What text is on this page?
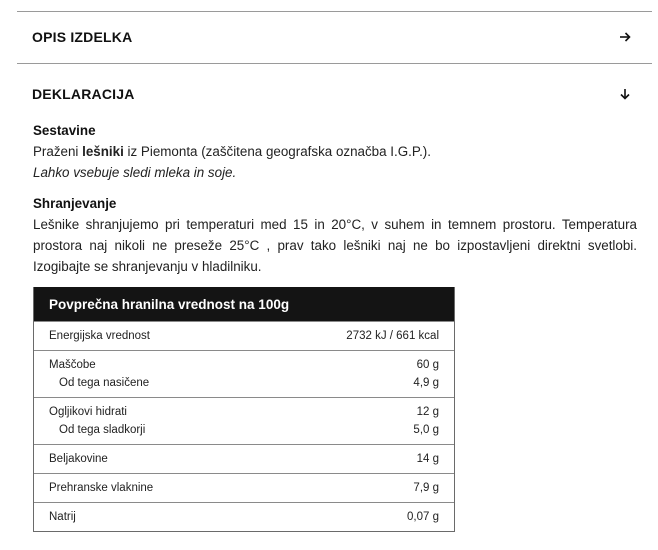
OPIS IZDELKA
DEKLARACIJA
Sestavine
Praženi lešniki iz Piemonta (zaščitena geografska označba I.G.P.).
Lahko vsebuje sledi mleka in soje.
Shranjevanje
Lešnike shranjujemo pri temperaturi med 15 in 20°C, v suhem in temnem prostoru. Temperatura prostora naj nikoli ne preseže 25°C , prav tako lešniki naj ne bo izpostavljeni direktni svetlobi. Izogibajte se shranjevanju v hladilniku.
Povprečna hranilna vrednost na 100g
Energijska vrednost	2732 kJ / 661 kcal
Maščobe	60 g
Od tega nasičene	4,9 g
Ogljikovi hidrati	12 g
Od tega sladkorji	5,0 g
Beljakovine	14 g
Prehranske vlaknine	7,9 g
Natrij	0,07 g
